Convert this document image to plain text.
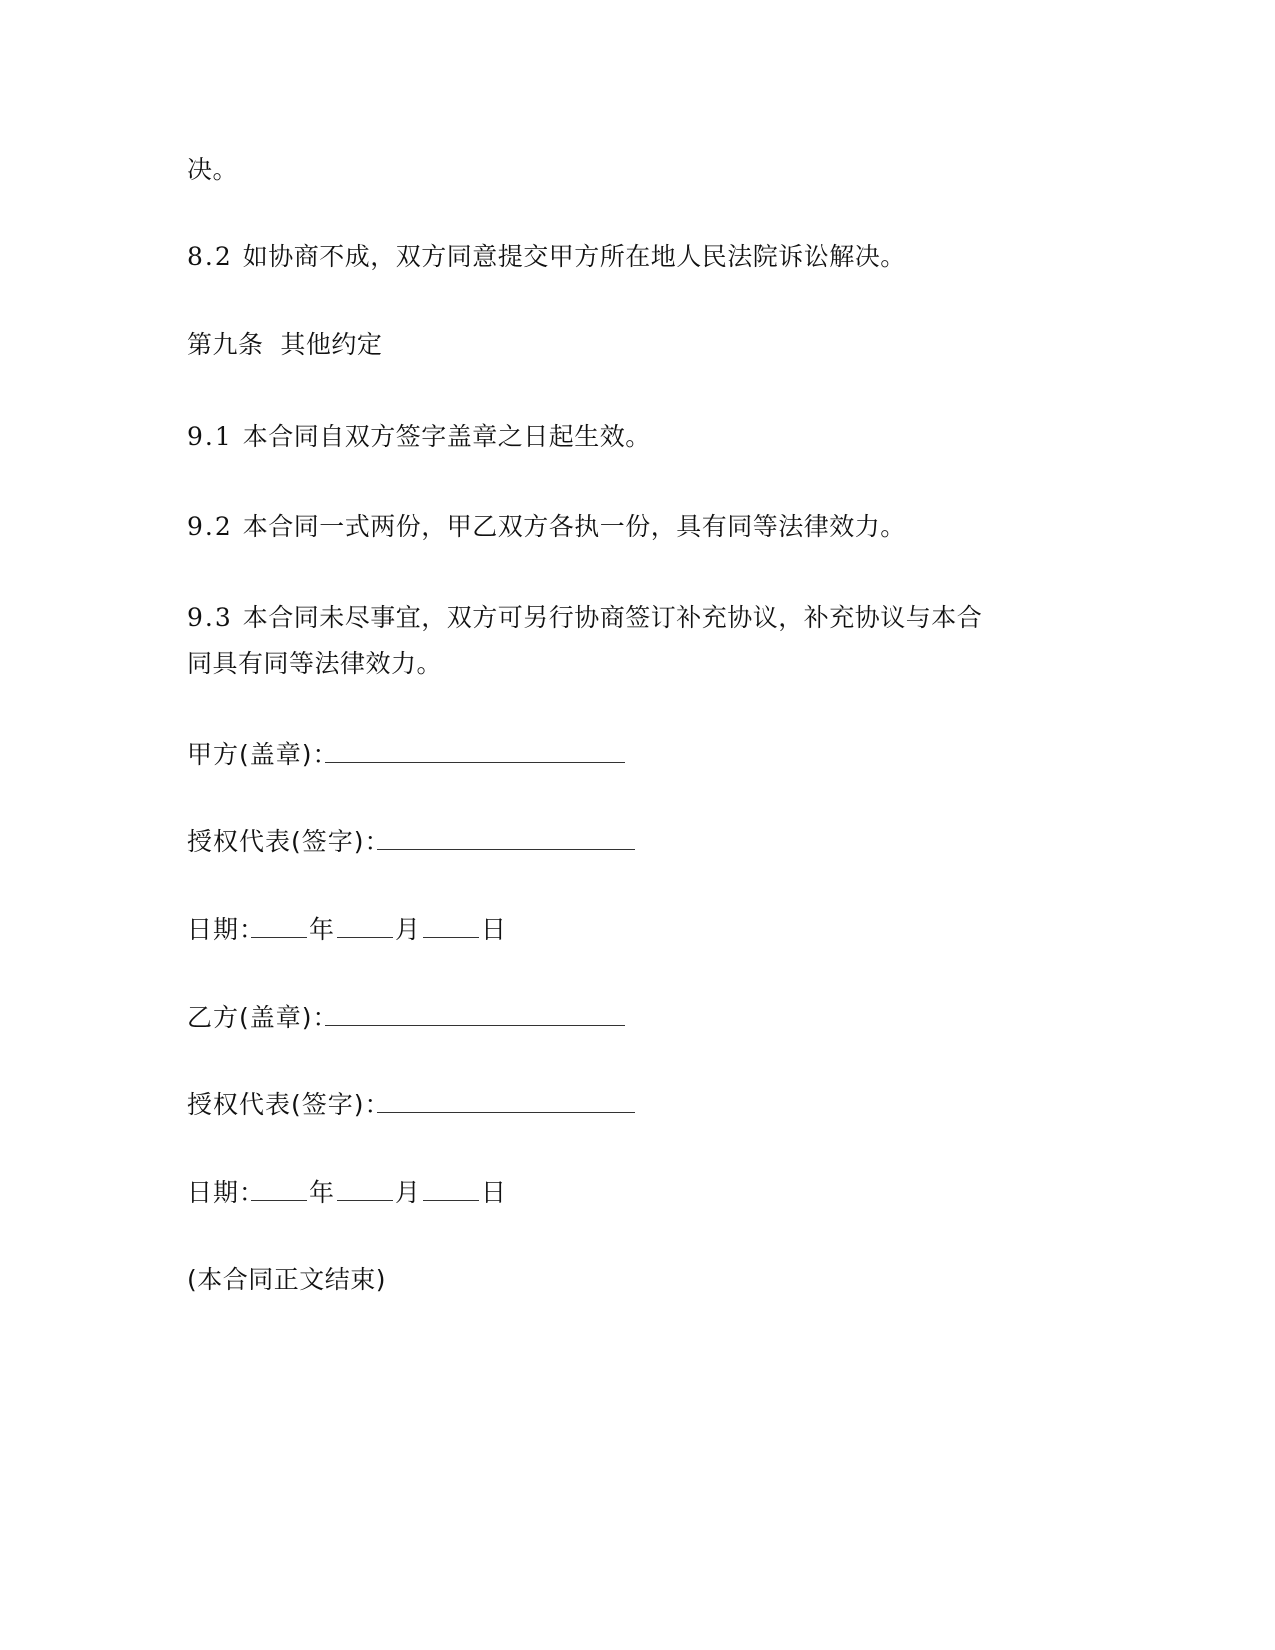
决。
8.2 如协商不成，双方同意提交甲方所在地人民法院诉讼解决。
第九条  其他约定
9.1 本合同自双方签字盖章之日起生效。
9.2 本合同一式两份，甲乙双方各执一份，具有同等法律效力。
9.3 本合同未尽事宜，双方可另行协商签订补充协议，补充协议与本合
同具有同等法律效力。
甲方(盖章)：
授权代表(签字)：
日期： 年 月 日
乙方(盖章)：
授权代表(签字)：
日期： 年 月 日
(本合同正文结束)
